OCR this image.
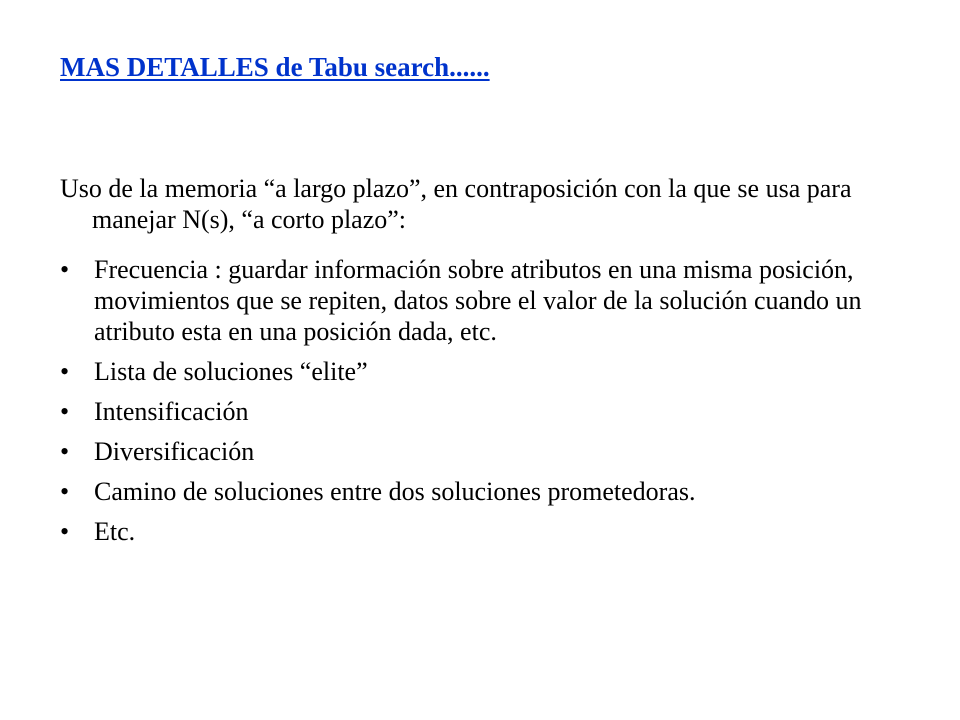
MAS DETALLES de Tabu search......
Uso de la memoria “a largo plazo”, en contraposición con la que se usa para manejar N(s), “a corto plazo”:
• Frecuencia : guardar información sobre atributos en una misma posición, movimientos que se repiten, datos sobre el valor de la solución cuando un atributo esta en una posición dada, etc.
• Lista de soluciones “elite”
• Intensificación
• Diversificación
• Camino de soluciones entre dos soluciones prometedoras.
• Etc.
